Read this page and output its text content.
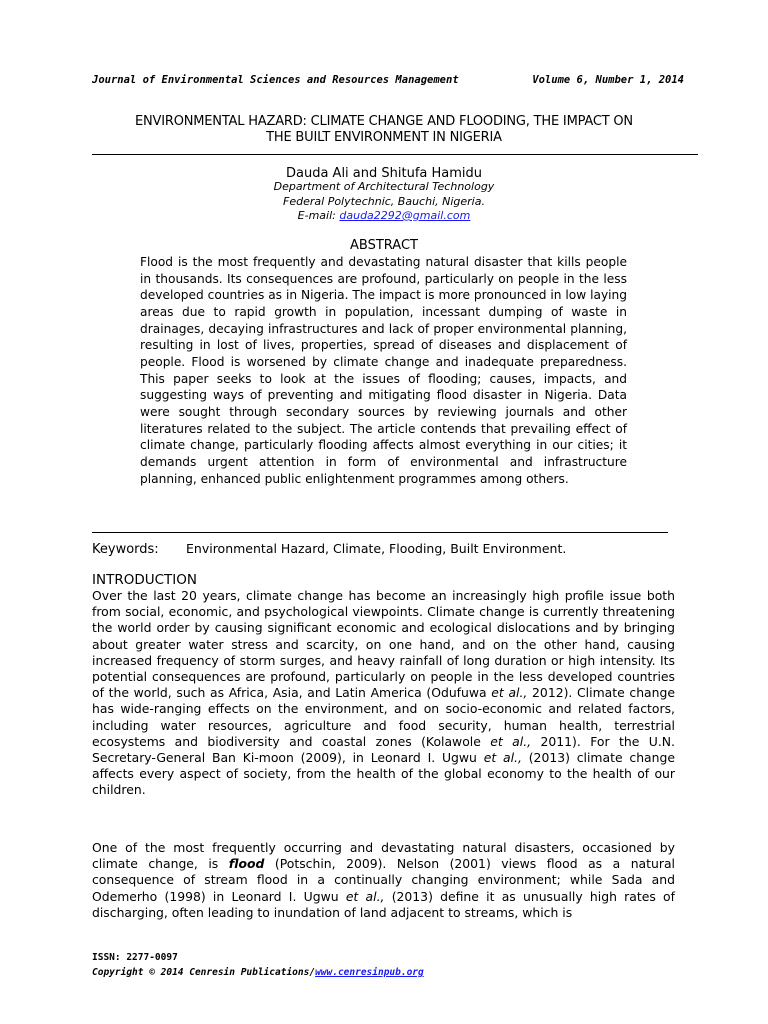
Journal of Environmental Sciences and Resources Management	Volume 6, Number 1, 2014
ENVIRONMENTAL HAZARD: CLIMATE CHANGE AND FLOODING, THE IMPACT ON
THE BUILT ENVIRONMENT IN NIGERIA
Dauda Ali and Shitufa Hamidu
Department of Architectural Technology
Federal Polytechnic, Bauchi, Nigeria.
E-mail: dauda2292@gmail.com
ABSTRACT
Flood is the most frequently and devastating natural disaster that kills people in thousands. Its consequences are profound, particularly on people in the less developed countries as in Nigeria. The impact is more pronounced in low laying areas due to rapid growth in population, incessant dumping of waste in drainages, decaying infrastructures and lack of proper environmental planning, resulting in lost of lives, properties, spread of diseases and displacement of people. Flood is worsened by climate change and inadequate preparedness. This paper seeks to look at the issues of flooding; causes, impacts, and suggesting ways of preventing and mitigating flood disaster in Nigeria. Data were sought through secondary sources by reviewing journals and other literatures related to the subject. The article contends that prevailing effect of climate change, particularly flooding affects almost everything in our cities; it demands urgent attention in form of environmental and infrastructure planning, enhanced public enlightenment programmes among others.
Keywords: Environmental Hazard, Climate, Flooding, Built Environment.
INTRODUCTION
Over the last 20 years, climate change has become an increasingly high profile issue both from social, economic, and psychological viewpoints. Climate change is currently threatening the world order by causing significant economic and ecological dislocations and by bringing about greater water stress and scarcity, on one hand, and on the other hand, causing increased frequency of storm surges, and heavy rainfall of long duration or high intensity. Its potential consequences are profound, particularly on people in the less developed countries of the world, such as Africa, Asia, and Latin America (Odufuwa et al., 2012). Climate change has wide-ranging effects on the environment, and on socio-economic and related factors, including water resources, agriculture and food security, human health, terrestrial ecosystems and biodiversity and coastal zones (Kolawole et al., 2011). For the U.N. Secretary-General Ban Ki-moon (2009), in Leonard I. Ugwu et al., (2013) climate change affects every aspect of society, from the health of the global economy to the health of our children.
One of the most frequently occurring and devastating natural disasters, occasioned by climate change, is flood (Potschin, 2009). Nelson (2001) views flood as a natural consequence of stream flood in a continually changing environment; while Sada and Odemerho (1998) in Leonard I. Ugwu et al., (2013) define it as unusually high rates of discharging, often leading to inundation of land adjacent to streams, which is
ISSN: 2277-0097
Copyright © 2014 Cenresin Publications/www.cenresinpub.org
